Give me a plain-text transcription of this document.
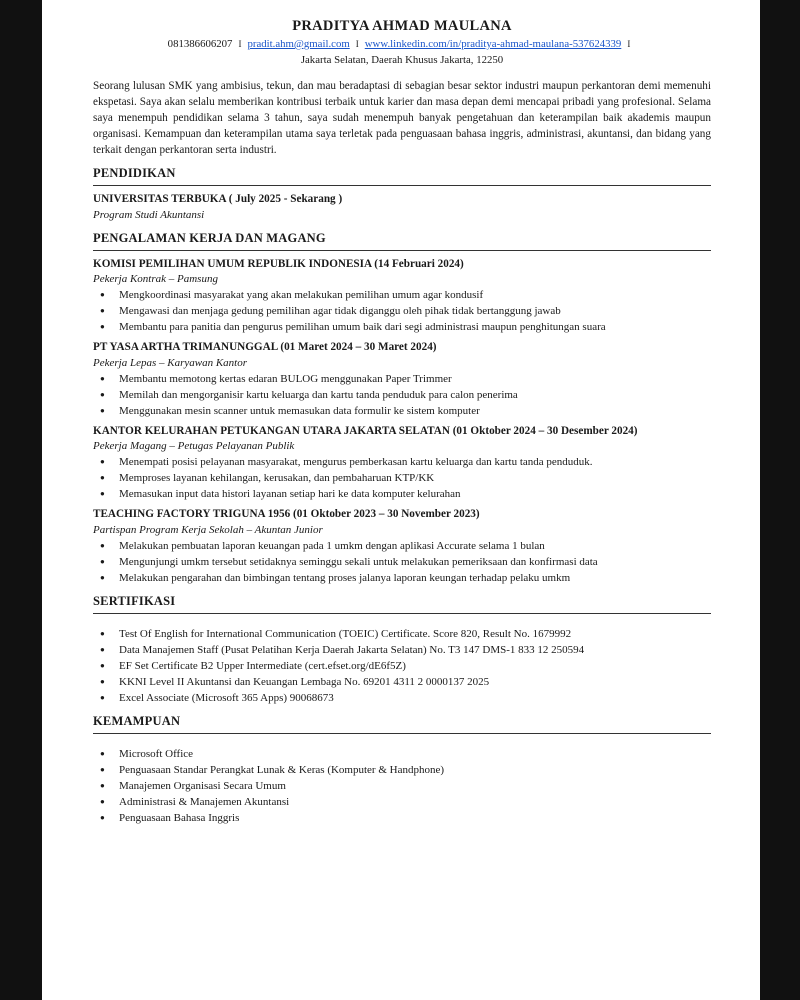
PRADITYA AHMAD MAULANA
081386606207 I pradit.ahm@gmail.com I www.linkedin.com/in/praditya-ahmad-maulana-537624339 I
Jakarta Selatan, Daerah Khusus Jakarta, 12250
Seorang lulusan SMK yang ambisius, tekun, dan mau beradaptasi di sebagian besar sektor industri maupun perkantoran demi memenuhi ekspetasi. Saya akan selalu memberikan kontribusi terbaik untuk karier dan masa depan demi mencapai pribadi yang profesional. Selama saya menempuh pendidikan selama 3 tahun, saya sudah menempuh banyak pengetahuan dan keterampilan baik akademis maupun organisasi. Kemampuan dan keterampilan utama saya terletak pada penguasaan bahasa inggris, administrasi, akuntansi, dan bidang yang terkait dengan perkantoran serta industri.
PENDIDIKAN
UNIVERSITAS TERBUKA ( July 2025 - Sekarang )
Program Studi Akuntansi
PENGALAMAN KERJA DAN MAGANG
KOMISI PEMILIHAN UMUM REPUBLIK INDONESIA (14 Februari 2024)
Pekerja Kontrak – Pamsung
● Mengkoordinasi masyarakat yang akan melakukan pemilihan umum agar kondusif
● Mengawasi dan menjaga gedung pemilihan agar tidak diganggu oleh pihak tidak bertanggung jawab
● Membantu para panitia dan pengurus pemilihan umum baik dari segi administrasi maupun penghitungan suara
PT YASA ARTHA TRIMANUNGGAL (01 Maret 2024 – 30 Maret 2024)
Pekerja Lepas – Karyawan Kantor
● Membantu memotong kertas edaran BULOG menggunakan Paper Trimmer
● Memilah dan mengorganisir kartu keluarga dan kartu tanda penduduk para calon penerima
● Menggunakan mesin scanner untuk memasukan data formulir ke sistem komputer
KANTOR KELURAHAN PETUKANGAN UTARA JAKARTA SELATAN (01 Oktober 2024 – 30 Desember 2024)
Pekerja Magang – Petugas Pelayanan Publik
● Menempati posisi pelayanan masyarakat, mengurus pemberkasan kartu keluarga dan kartu tanda penduduk.
● Memproses layanan kehilangan, kerusakan, dan pembaharuan KTP/KK
● Memasukan input data histori layanan setiap hari ke data komputer kelurahan
TEACHING FACTORY TRIGUNA 1956 (01 Oktober 2023 – 30 November 2023)
Partispan Program Kerja Sekolah – Akuntan Junior
● Melakukan pembuatan laporan keuangan pada 1 umkm dengan aplikasi Accurate selama 1 bulan
● Mengunjungi umkm tersebut setidaknya seminggu sekali untuk melakukan pemeriksaan dan konfirmasi data
● Melakukan pengarahan dan bimbingan tentang proses jalanya laporan keungan terhadap pelaku umkm
SERTIFIKASI
● Test Of English for International Communication (TOEIC) Certificate. Score 820, Result No. 1679992
● Data Manajemen Staff (Pusat Pelatihan Kerja Daerah Jakarta Selatan) No. T3 147 DMS-1 833 12 250594
● EF Set Certificate B2 Upper Intermediate (cert.efset.org/dE6f5Z)
● KKNI Level II Akuntansi dan Keuangan Lembaga No. 69201 4311 2 0000137 2025
● Excel Associate (Microsoft 365 Apps) 90068673
KEMAMPUAN
● Microsoft Office
● Penguasaan Standar Perangkat Lunak & Keras (Komputer & Handphone)
● Manajemen Organisasi Secara Umum
● Administrasi & Manajemen Akuntansi
● Penguasaan Bahasa Inggris
